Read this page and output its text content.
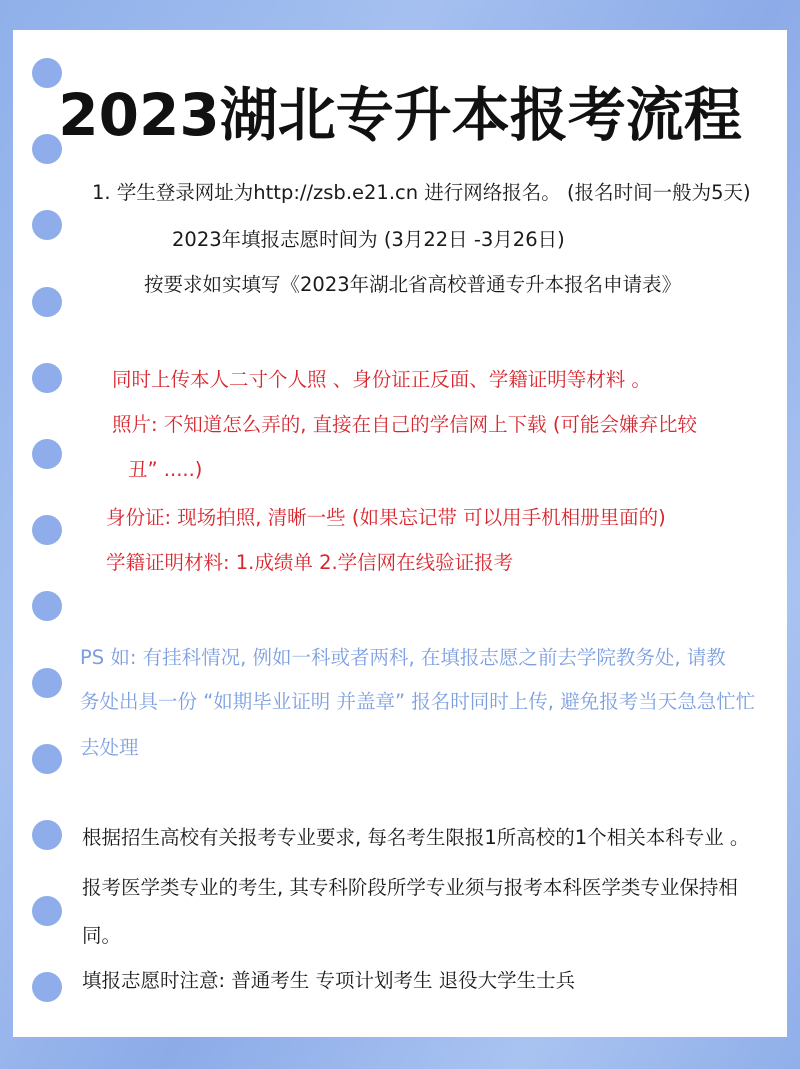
2023湖北专升本报考流程
1. 学生登录网址为http://zsb.e21.cn 进行网络报名。 (报名时间一般为5天)
2023年填报志愿时间为 (3月22日 -3月26日)
按要求如实填写《2023年湖北省高校普通专升本报名申请表》
同时上传本人二寸个人照 、身份证正反面、学籍证明等材料 。
照片: 不知道怎么弄的, 直接在自己的学信网上下载 (可能会嫌弃比较
丑” .....)
身份证: 现场拍照, 清晰一些 (如果忘记带 可以用手机相册里面的)
学籍证明材料: 1.成绩单 2.学信网在线验证报考
PS 如: 有挂科情况, 例如一科或者两科, 在填报志愿之前去学院教务处, 请教
务处出具一份 “如期毕业证明 并盖章” 报名时同时上传, 避免报考当天急急忙忙
去处理
根据招生高校有关报考专业要求, 每名考生限报1所高校的1个相关本科专业 。
报考医学类专业的考生, 其专科阶段所学专业须与报考本科医学类专业保持相
同。
填报志愿时注意: 普通考生 专项计划考生 退役大学生士兵
